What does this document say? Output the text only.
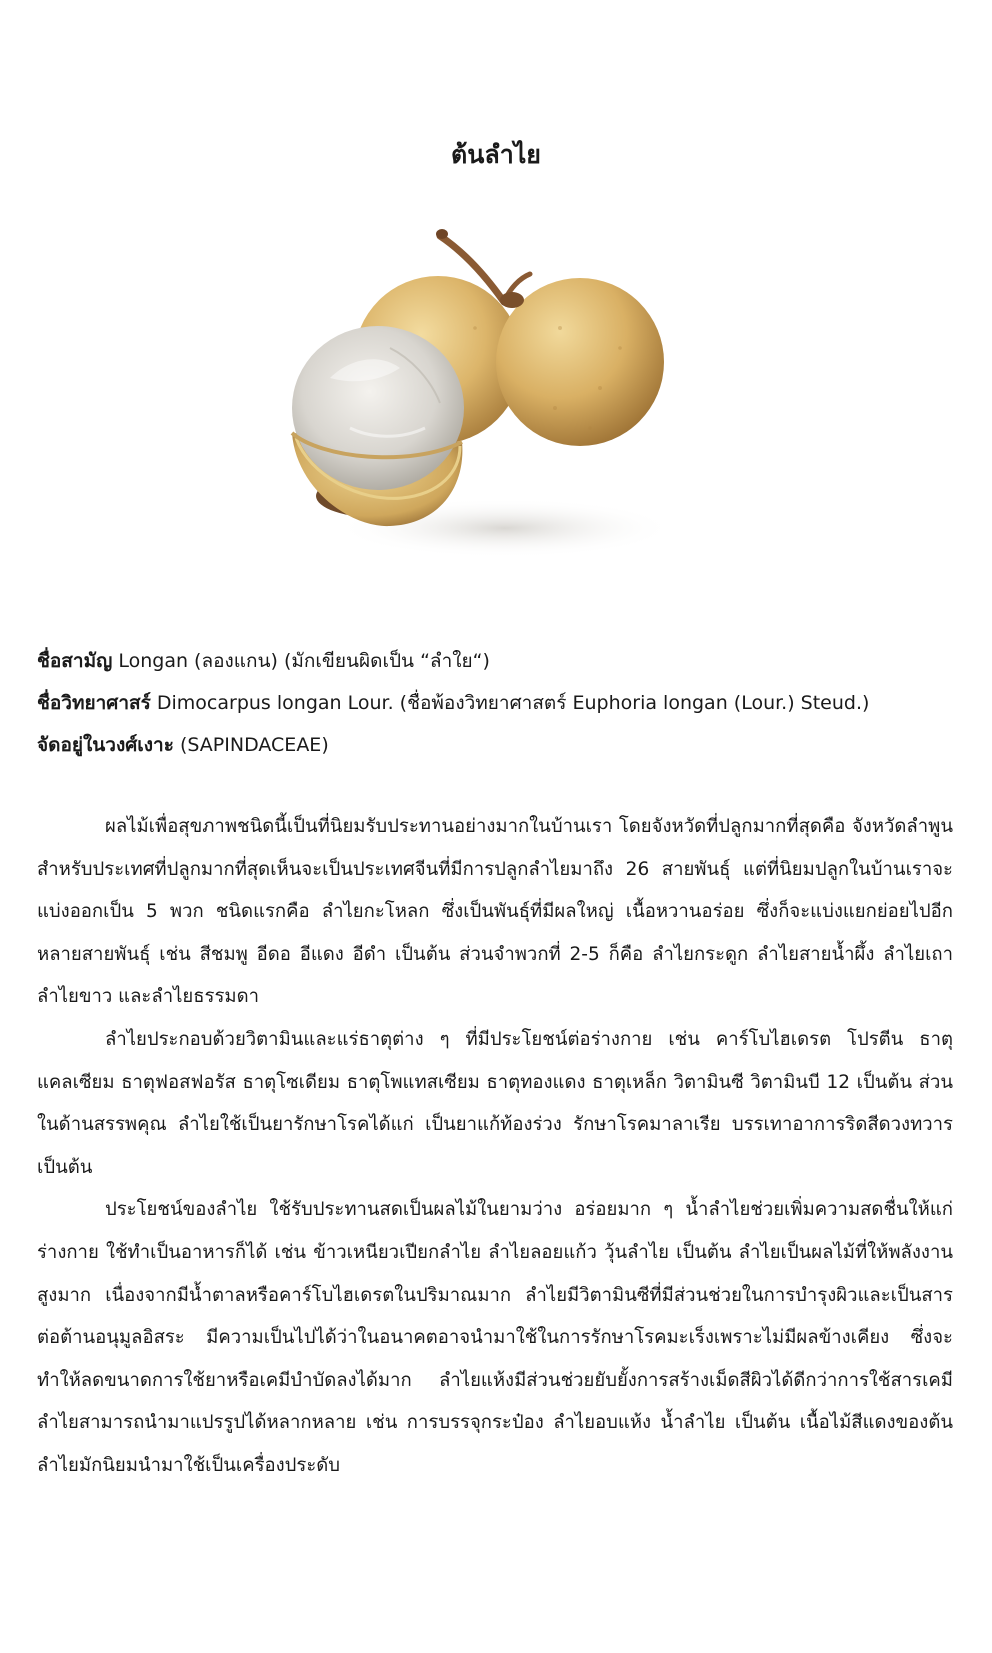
ต้นลำไย
ชื่อสามัญ Longan (ลองแกน) (มักเขียนผิดเป็น “ลำใย“)
ชื่อวิทยาศาสร์ Dimocarpus longan Lour. (ชื่อพ้องวิทยาศาสตร์ Euphoria longan (Lour.) Steud.)
จัดอยู่ในวงศ์เงาะ (SAPINDACEAE)

ผลไม้เพื่อสุขภาพชนิดนี้เป็นที่นิยมรับประทานอย่างมากในบ้านเรา โดยจังหวัดที่ปลูกมากที่สุดคือ จังหวัดลำพูน สำหรับประเทศที่ปลูกมากที่สุดเห็นจะเป็นประเทศจีนที่มีการปลูกลำไยมาถึง 26 สายพันธุ์ แต่ที่นิยมปลูกในบ้านเราจะแบ่งออกเป็น 5 พวก ชนิดแรกคือ ลำไยกะโหลก ซึ่งเป็นพันธุ์ที่มีผลใหญ่ เนื้อหวานอร่อย ซึ่งก็จะแบ่งแยกย่อยไปอีกหลายสายพันธุ์ เช่น สีชมพู อีดอ อีแดง อีดำ เป็นต้น ส่วนจำพวกที่ 2-5 ก็คือ ลำไยกระดูก ลำไยสายน้ำผึ้ง ลำไยเถา ลำไยขาว และลำไยธรรมดา

ลำไยประกอบด้วยวิตามินและแร่ธาตุต่าง ๆ ที่มีประโยชน์ต่อร่างกาย เช่น คาร์โบไฮเดรต โปรตีน ธาตุแคลเซียม ธาตุฟอสฟอรัส ธาตุโซเดียม ธาตุโพแทสเซียม ธาตุทองแดง ธาตุเหล็ก วิตามินซี วิตามินบี 12 เป็นต้น ส่วนในด้านสรรพคุณ ลำไยใช้เป็นยารักษาโรคได้แก่ เป็นยาแก้ท้องร่วง รักษาโรคมาลาเรีย บรรเทาอาการริดสีดวงทวาร เป็นต้น

ประโยชน์ของลำไย ใช้รับประทานสดเป็นผลไม้ในยามว่าง อร่อยมาก ๆ น้ำลำไยช่วยเพิ่มความสดชื่นให้แก่ร่างกาย ใช้ทำเป็นอาหารก็ได้ เช่น ข้าวเหนียวเปียกลำไย ลำไยลอยแก้ว วุ้นลำไย เป็นต้น ลำไยเป็นผลไม้ที่ให้พลังงานสูงมาก เนื่องจากมีน้ำตาลหรือคาร์โบไฮเดรตในปริมาณมาก ลำไยมีวิตามินซีที่มีส่วนช่วยในการบำรุงผิวและเป็นสารต่อต้านอนุมูลอิสระ มีความเป็นไปได้ว่าในอนาคตอาจนำมาใช้ในการรักษาโรคมะเร็งเพราะไม่มีผลข้างเคียง ซึ่งจะทำให้ลดขนาดการใช้ยาหรือเคมีบำบัดลงได้มาก ลำไยแห้งมีส่วนช่วยยับยั้งการสร้างเม็ดสีผิวได้ดีกว่าการใช้สารเคมี ลำไยสามารถนำมาแปรรูปได้หลากหลาย เช่น การบรรจุกระป๋อง ลำไยอบแห้ง น้ำลำไย เป็นต้น เนื้อไม้สีแดงของต้นลำไยมักนิยมนำมาใช้เป็นเครื่องประดับ
